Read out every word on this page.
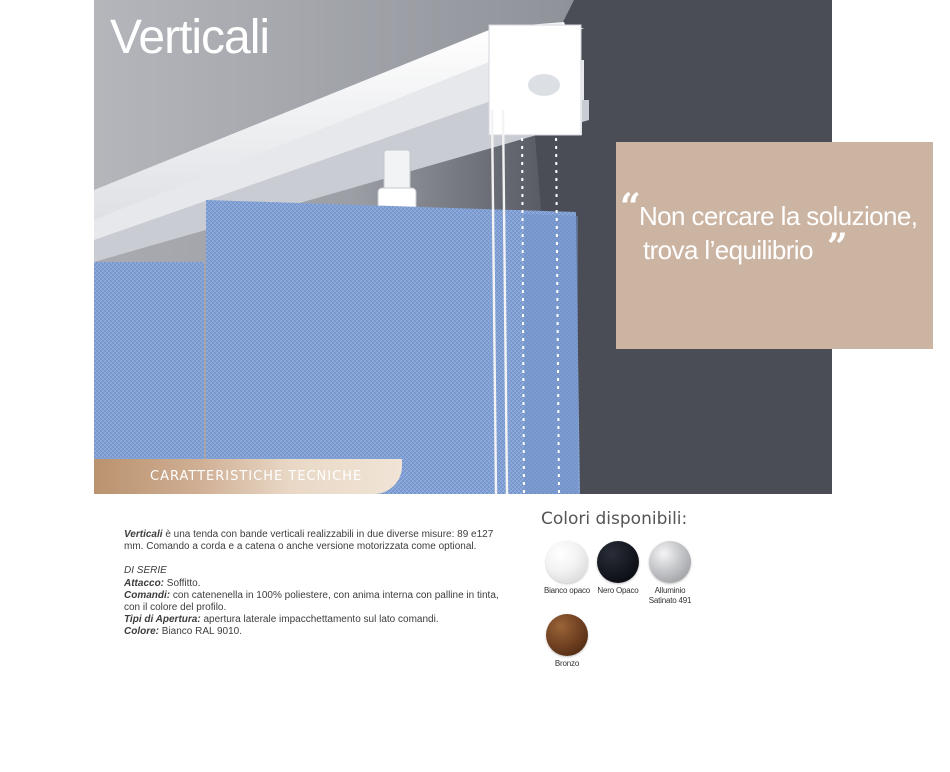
Verticali
CARATTERISTICHE TECNICHE
“
Non cercare la soluzione,
trova l’equilibrio ”

Verticali è una tenda con bande verticali realizzabili in due diverse misure: 89 e127 mm. Comando a corda e a catena o anche versione motorizzata come optional.

DI SERIE

Attacco: Soffitto.

Comandi: con catenenella in 100% poliestere, con anima interna con palline in tinta, con il colore del profilo.

Tipi di Apertura: apertura laterale impacchettamento sul lato comandi.

Colore: Bianco RAL 9010.

Colori disponibili:
Bianco opaco Nero Opaco	Alluminio Satinato 491
Bronzo
